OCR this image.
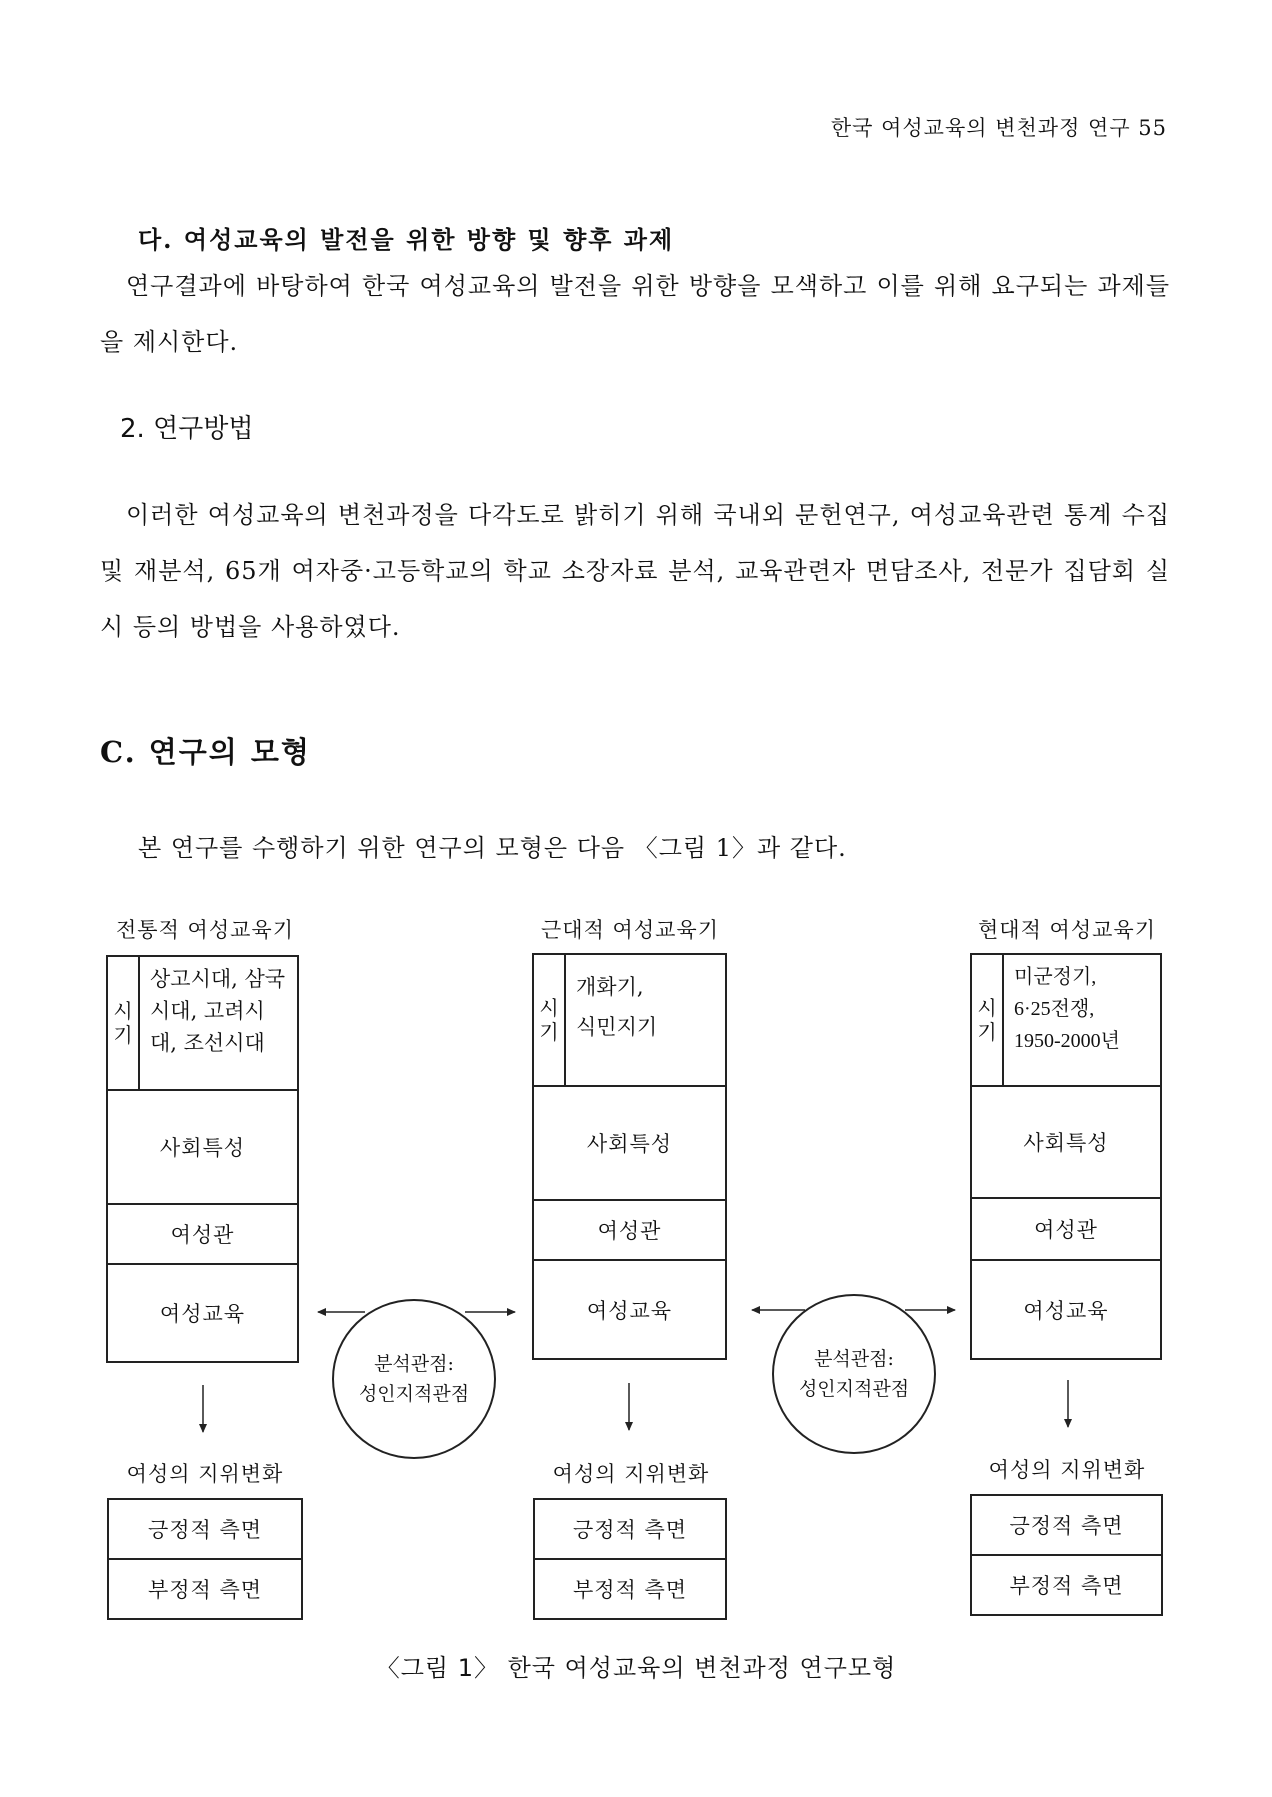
한국 여성교육의 변천과정 연구 55
다. 여성교육의 발전을 위한 방향 및 향후 과제
연구결과에 바탕하여 한국 여성교육의 발전을 위한 방향을 모색하고 이를 위해 요구되는 과제들을 제시한다.
2. 연구방법
이러한 여성교육의 변천과정을 다각도로 밝히기 위해 국내외 문헌연구, 여성교육관련 통계 수집 및 재분석, 65개 여자중·고등학교의 학교 소장자료 분석, 교육관련자 면담조사, 전문가 집담회 실시 등의 방법을 사용하였다.
C. 연구의 모형
본 연구를 수행하기 위한 연구의 모형은 다음 〈그림 1〉과 같다.
전통적 여성교육기
시
기
상고시대, 삼국
시대, 고려시
대, 조선시대
사회특성
여성관
여성교육
여성의 지위변화
긍정적 측면
부정적 측면
근대적 여성교육기
시
기
개화기,
식민지기
사회특성
여성관
여성교육
여성의 지위변화
긍정적 측면
부정적 측면
현대적 여성교육기
시
기
미군정기,
6·25전쟁,
1950-2000년
사회특성
여성관
여성교육
여성의 지위변화
긍정적 측면
부정적 측면
분석관점:
성인지적관점
분석관점:
성인지적관점
〈그림 1〉 한국 여성교육의 변천과정 연구모형
